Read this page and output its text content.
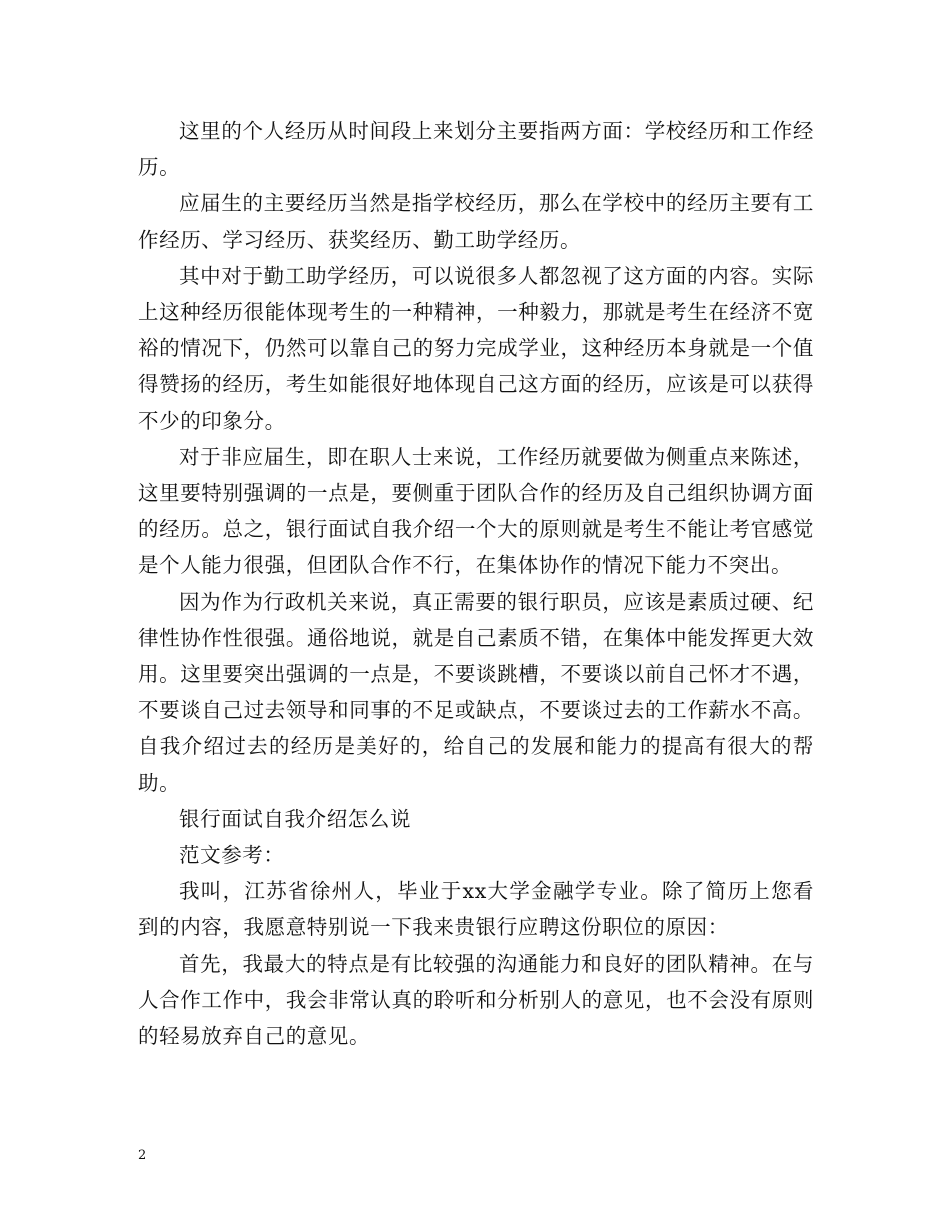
这里的个人经历从时间段上来划分主要指两方面：学校经历和工作经历。

应届生的主要经历当然是指学校经历，那么在学校中的经历主要有工作经历、学习经历、获奖经历、勤工助学经历。

其中对于勤工助学经历，可以说很多人都忽视了这方面的内容。实际上这种经历很能体现考生的一种精神，一种毅力，那就是考生在经济不宽裕的情况下，仍然可以靠自己的努力完成学业，这种经历本身就是一个值得赞扬的经历，考生如能很好地体现自己这方面的经历，应该是可以获得不少的印象分。

对于非应届生，即在职人士来说，工作经历就要做为侧重点来陈述，这里要特别强调的一点是，要侧重于团队合作的经历及自己组织协调方面的经历。总之，银行面试自我介绍一个大的原则就是考生不能让考官感觉是个人能力很强，但团队合作不行，在集体协作的情况下能力不突出。

因为作为行政机关来说，真正需要的银行职员，应该是素质过硬、纪律性协作性很强。通俗地说，就是自己素质不错，在集体中能发挥更大效用。这里要突出强调的一点是，不要谈跳槽，不要谈以前自己怀才不遇，不要谈自己过去领导和同事的不足或缺点，不要谈过去的工作薪水不高。自我介绍过去的经历是美好的，给自己的发展和能力的提高有很大的帮助。

银行面试自我介绍怎么说

范文参考：

我叫，江苏省徐州人，毕业于xx大学金融学专业。除了简历上您看到的内容，我愿意特别说一下我来贵银行应聘这份职位的原因：

首先，我最大的特点是有比较强的沟通能力和良好的团队精神。在与人合作工作中，我会非常认真的聆听和分析别人的意见，也不会没有原则的轻易放弃自己的意见。

2
